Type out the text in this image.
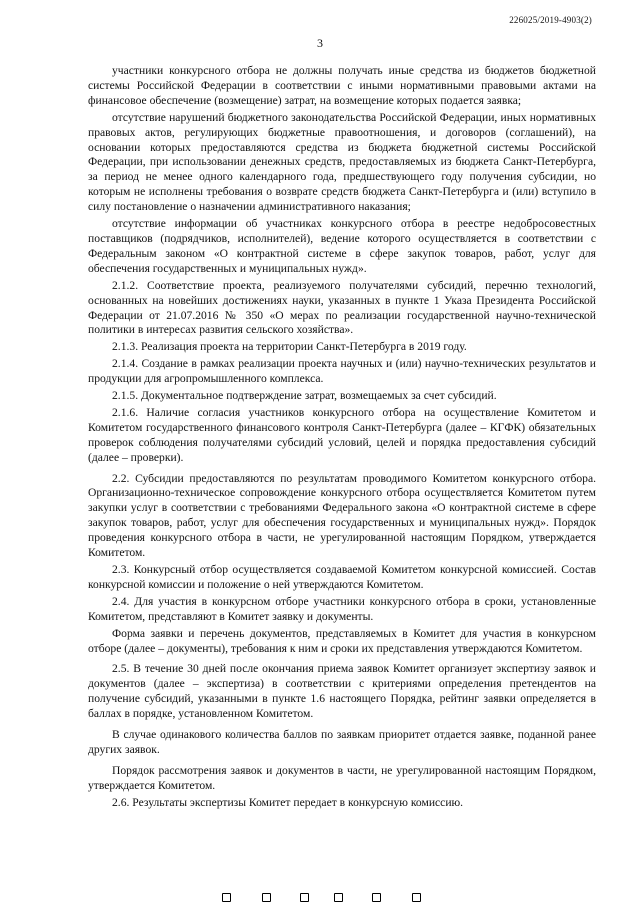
226025/2019-4903(2)
3

участники конкурсного отбора не должны получать иные средства из бюджетов бюджетной системы Российской Федерации в соответствии с иными нормативными правовыми актами на финансовое обеспечение (возмещение) затрат, на возмещение которых подается заявка;

отсутствие нарушений бюджетного законодательства Российской Федерации, иных нормативных правовых актов, регулирующих бюджетные правоотношения, и договоров (соглашений), на основании которых предоставляются средства из бюджета бюджетной системы Российской Федерации, при использовании денежных средств, предоставляемых из бюджета Санкт-Петербурга, за период не менее одного календарного года, предшествующего году получения субсидии, но которым не исполнены требования о возврате средств бюджета Санкт-Петербурга и (или) вступило в силу постановление о назначении административного наказания;

отсутствие информации об участниках конкурсного отбора в реестре недобросовестных поставщиков (подрядчиков, исполнителей), ведение которого осуществляется в соответствии с Федеральным законом «О контрактной системе в сфере закупок товаров, работ, услуг для обеспечения государственных и муниципальных нужд».

2.1.2. Соответствие проекта, реализуемого получателями субсидий, перечню технологий, основанных на новейших достижениях науки, указанных в пункте 1 Указа Президента Российской Федерации от 21.07.2016 № 350 «О мерах по реализации государственной научно-технической политики в интересах развития сельского хозяйства».

2.1.3. Реализация проекта на территории Санкт-Петербурга в 2019 году.

2.1.4. Создание в рамках реализации проекта научных и (или) научно-технических результатов и продукции для агропромышленного комплекса.

2.1.5. Документальное подтверждение затрат, возмещаемых за счет субсидий.

2.1.6. Наличие согласия участников конкурсного отбора на осуществление Комитетом и Комитетом государственного финансового контроля Санкт-Петербурга (далее – КГФК) обязательных проверок соблюдения получателями субсидий условий, целей и порядка предоставления субсидий (далее – проверки).

2.2. Субсидии предоставляются по результатам проводимого Комитетом конкурсного отбора. Организационно-техническое сопровождение конкурсного отбора осуществляется Комитетом путем закупки услуг в соответствии с требованиями Федерального закона «О контрактной системе в сфере закупок товаров, работ, услуг для обеспечения государственных и муниципальных нужд». Порядок проведения конкурсного отбора в части, не урегулированной настоящим Порядком, утверждается Комитетом.

2.3. Конкурсный отбор осуществляется создаваемой Комитетом конкурсной комиссией. Состав конкурсной комиссии и положение о ней утверждаются Комитетом.

2.4. Для участия в конкурсном отборе участники конкурсного отбора в сроки, установленные Комитетом, представляют в Комитет заявку и документы.

Форма заявки и перечень документов, представляемых в Комитет для участия в конкурсном отборе (далее – документы), требования к ним и сроки их представления утверждаются Комитетом.

2.5. В течение 30 дней после окончания приема заявок Комитет организует экспертизу заявок и документов (далее – экспертиза) в соответствии с критериями определения претендентов на получение субсидий, указанными в пункте 1.6 настоящего Порядка, рейтинг заявки определяется в баллах в порядке, установленном Комитетом.

В случае одинакового количества баллов по заявкам приоритет отдается заявке, поданной ранее других заявок.

Порядок рассмотрения заявок и документов в части, не урегулированной настоящим Порядком, утверждается Комитетом.

2.6. Результаты экспертизы Комитет передает в конкурсную комиссию.
